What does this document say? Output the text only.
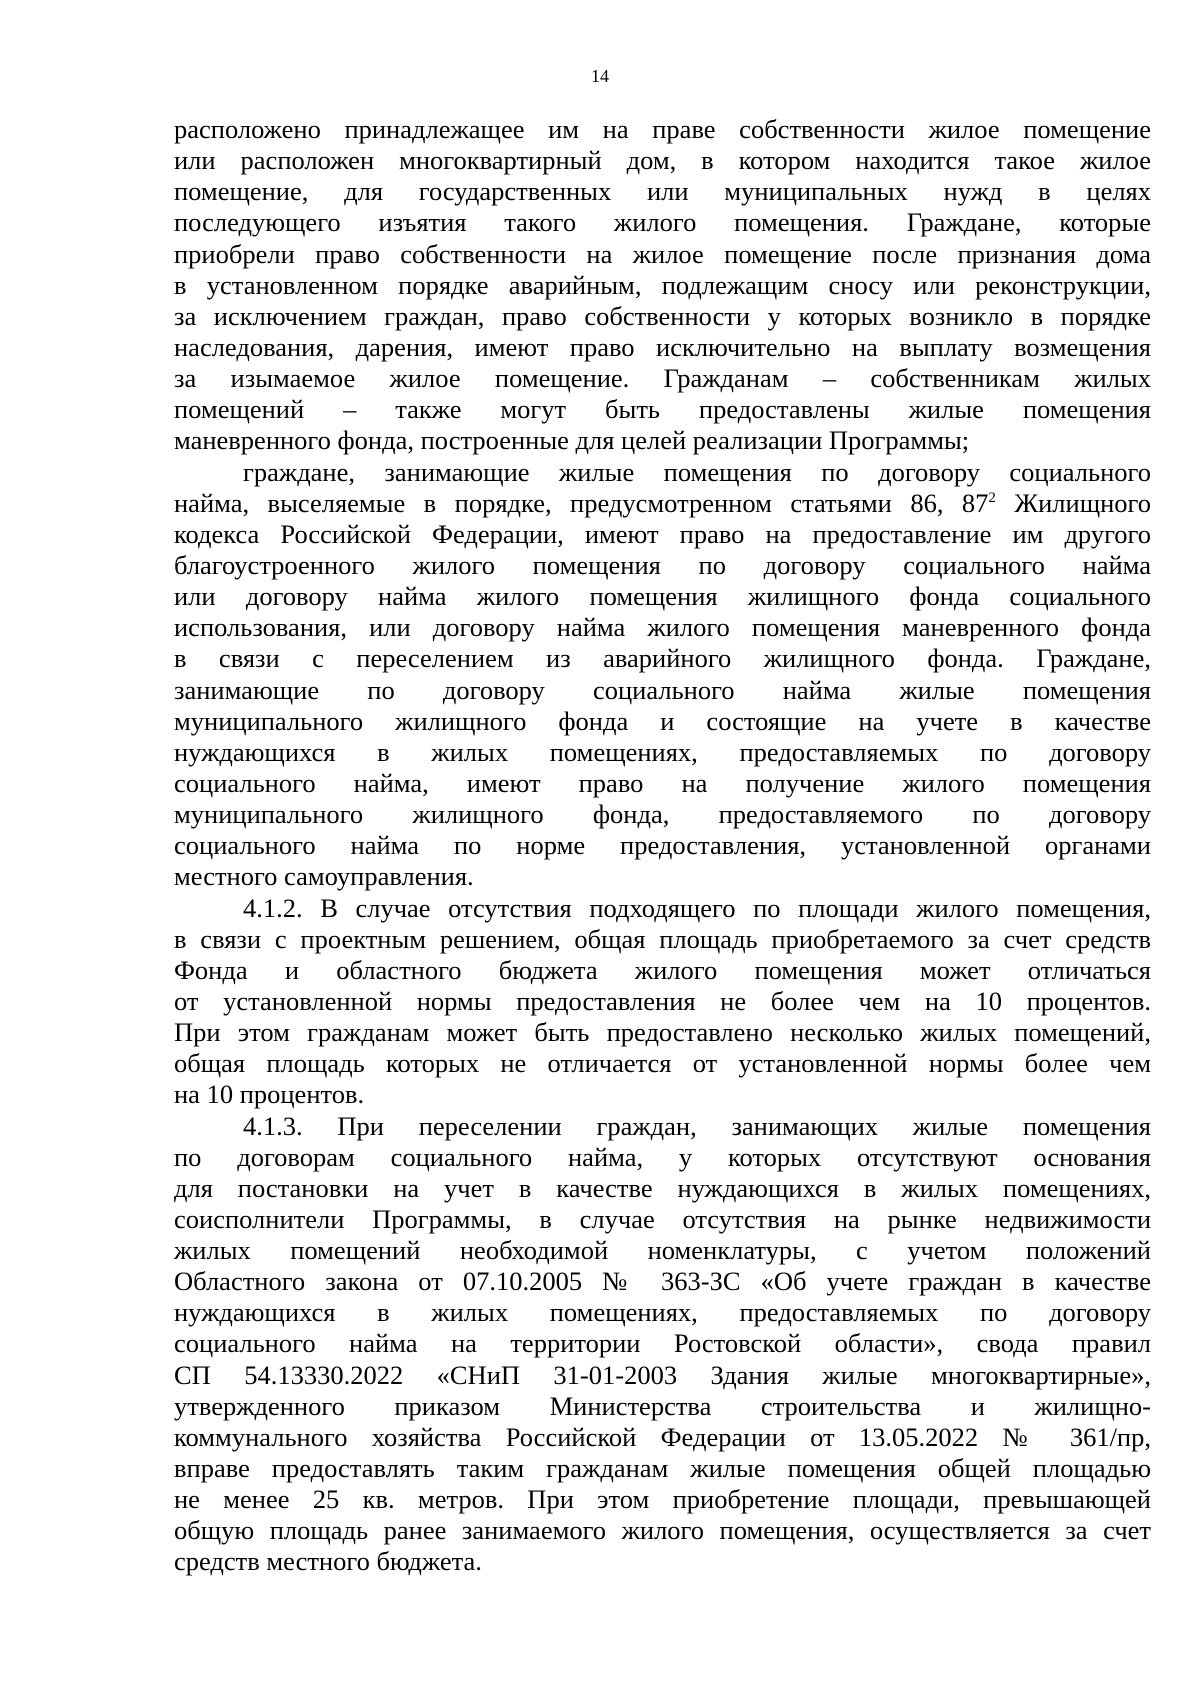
14
расположено принадлежащее им на праве собственности жилое помещение
или расположен многоквартирный дом, в котором находится такое жилое
помещение, для государственных или муниципальных нужд в целях
последующего изъятия такого жилого помещения. Граждане, которые
приобрели право собственности на жилое помещение после признания дома
в установленном порядке аварийным, подлежащим сносу или реконструкции,
за исключением граждан, право собственности у которых возникло в порядке
наследования, дарения, имеют право исключительно на выплату возмещения
за изымаемое жилое помещение. Гражданам – собственникам жилых
помещений – также могут быть предоставлены жилые помещения
маневренного фонда, построенные для целей реализации Программы;
граждане, занимающие жилые помещения по договору социального
найма, выселяемые в порядке, предусмотренном статьями 86, $87^2$ Жилищного
кодекса Российской Федерации, имеют право на предоставление им другого
благоустроенного жилого помещения по договору социального найма
или договору найма жилого помещения жилищного фонда социального
использования, или договору найма жилого помещения маневренного фонда
в связи с переселением из аварийного жилищного фонда. Граждане,
занимающие по договору социального найма жилые помещения
муниципального жилищного фонда и состоящие на учете в качестве
нуждающихся в жилых помещениях, предоставляемых по договору
социального найма, имеют право на получение жилого помещения
муниципального жилищного фонда, предоставляемого по договору
социального найма по норме предоставления, установленной органами
местного самоуправления.
4.1.2. В случае отсутствия подходящего по площади жилого помещения,
в связи с проектным решением, общая площадь приобретаемого за счет средств
Фонда и областного бюджета жилого помещения может отличаться
от установленной нормы предоставления не более чем на 10 процентов.
При этом гражданам может быть предоставлено несколько жилых помещений,
общая площадь которых не отличается от установленной нормы более чем
на 10 процентов.
4.1.3. При переселении граждан, занимающих жилые помещения
по договорам социального найма, у которых отсутствуют основания
для постановки на учет в качестве нуждающихся в жилых помещениях,
соисполнители Программы, в случае отсутствия на рынке недвижимости
жилых помещений необходимой номенклатуры, с учетом положений
Областного закона от 07.10.2005 № 363-ЗС «Об учете граждан в качестве
нуждающихся в жилых помещениях, предоставляемых по договору
социального найма на территории Ростовской области», свода правил
СП 54.13330.2022 «СНиП 31-01-2003 Здания жилые многоквартирные»,
утвержденного приказом Министерства строительства и жилищно-
коммунального хозяйства Российской Федерации от 13.05.2022 № 361/пр,
вправе предоставлять таким гражданам жилые помещения общей площадью
не менее 25 кв. метров. При этом приобретение площади, превышающей
общую площадь ранее занимаемого жилого помещения, осуществляется за счет
средств местного бюджета.
